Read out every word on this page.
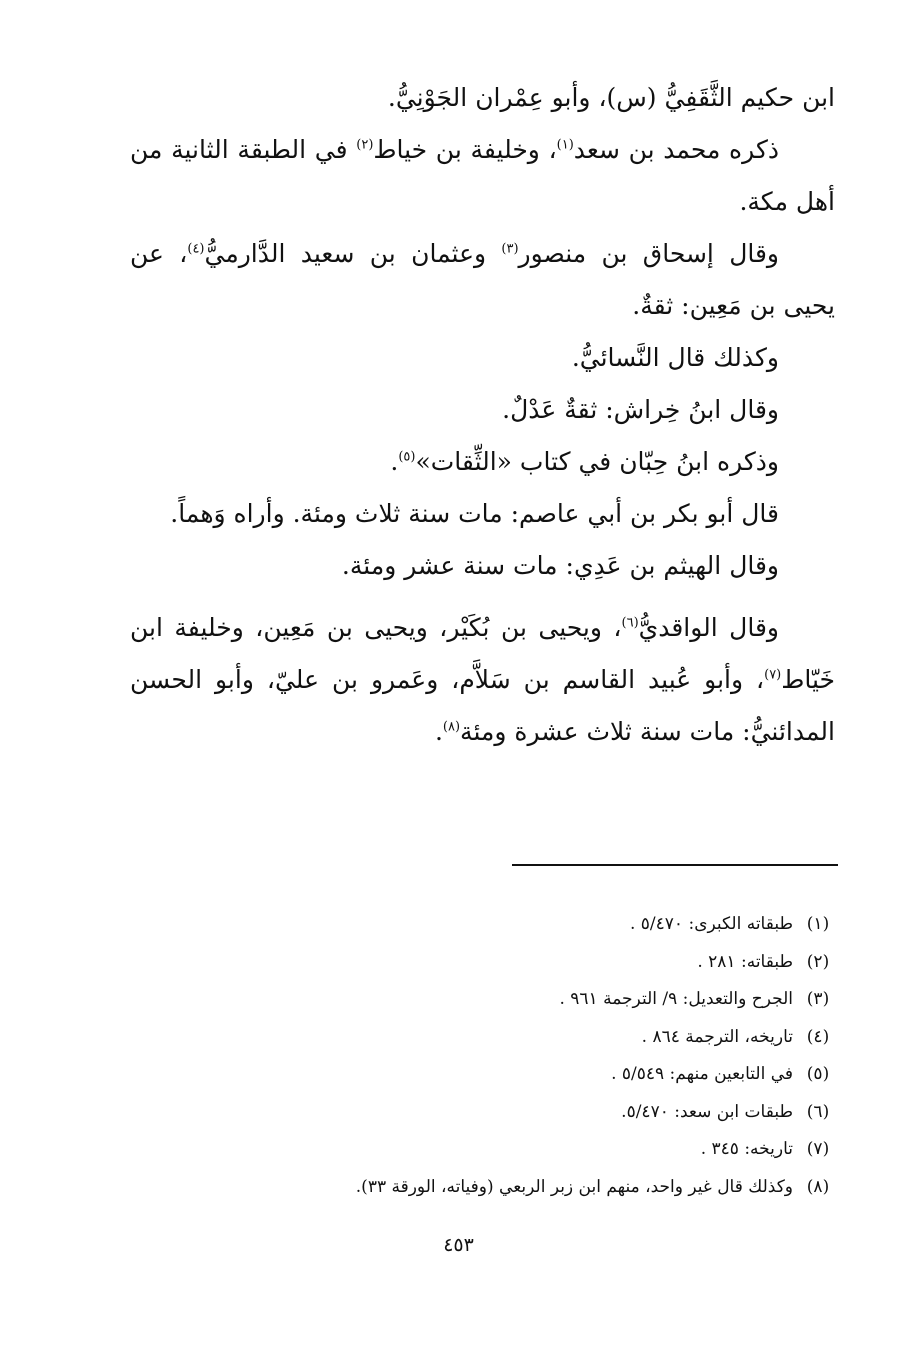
ابن حكيم الثَّقَفِيُّ (س)، وأبو عِمْران الجَوْنِيُّ.

ذكره محمد بن سعد$^{(١)}$، وخليفة بن خياط$^{(٢)}$ في الطبقة الثانية من أهل مكة.

وقال إسحاق بن منصور$^{(٣)}$ وعثمان بن سعيد الدَّارميُّ$^{(٤)}$، عن يحيى بن مَعِين: ثقةٌ.

وكذلك قال النَّسائيُّ.

وقال ابنُ خِراش: ثقةٌ عَدْلٌ.

وذكره ابنُ حِبّان في كتاب «الثِّقات»$^{(٥)}$.

قال أبو بكر بن أبي عاصم: مات سنة ثلاث ومئة. وأراه وَهماً.

وقال الهيثم بن عَدِي: مات سنة عشر ومئة.

وقال الواقديُّ$^{(٦)}$، ويحيى بن بُكَيْر، ويحيى بن مَعِين، وخليفة ابن خَيّاط$^{(٧)}$، وأبو عُبيد القاسم بن سَلاَّم، وعَمرو بن عليّ، وأبو الحسن المدائنيُّ: مات سنة ثلاث عشرة ومئة$^{(٨)}$.

(١)
طبقاته الكبرى: ٥/٤٧٠ .
(٢)
طبقاته: ٢٨١ .
(٣)
الجرح والتعديل: ٩/ الترجمة ٩٦١ .
(٤)
تاريخه، الترجمة ٨٦٤ .
(٥)
في التابعين منهم: ٥/٥٤٩ .
(٦)
طبقات ابن سعد: ٥/٤٧٠.
(٧)
تاريخه: ٣٤٥ .
(٨)
وكذلك قال غير واحد، منهم ابن زبر الربعي (وفياته، الورقة ٣٣).
٤٥٣
